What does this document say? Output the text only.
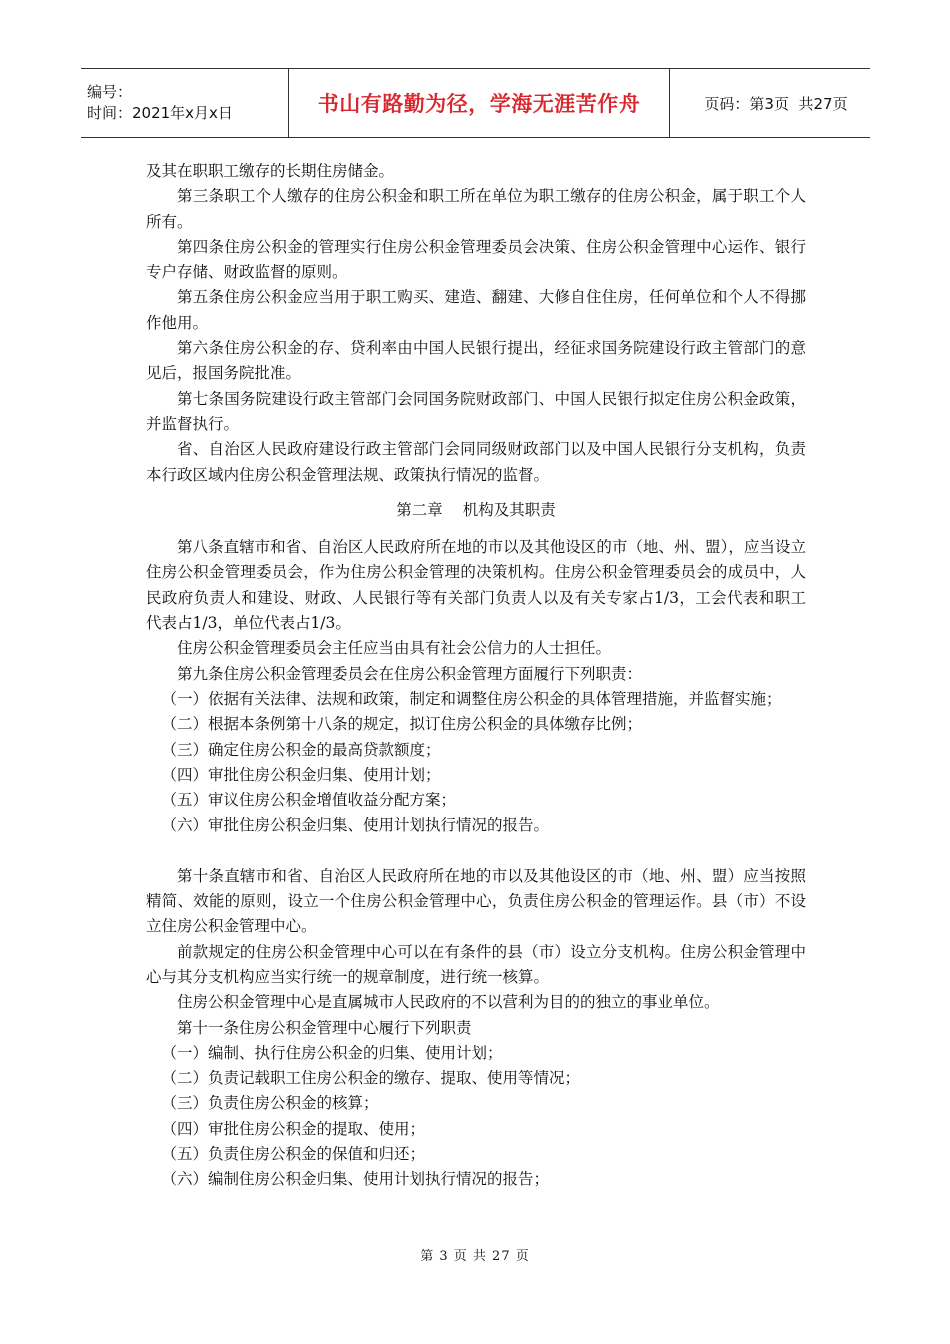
编号：
时间：2021年x月x日	书山有路勤为径，学海无涯苦作舟	页码：第3页  共27页

及其在职职工缴存的长期住房储金。

第三条职工个人缴存的住房公积金和职工所在单位为职工缴存的住房公积金，属于职工个人所有。

第四条住房公积金的管理实行住房公积金管理委员会决策、住房公积金管理中心运作、银行专户存储、财政监督的原则。

第五条住房公积金应当用于职工购买、建造、翻建、大修自住住房，任何单位和个人不得挪作他用。

第六条住房公积金的存、贷利率由中国人民银行提出，经征求国务院建设行政主管部门的意见后，报国务院批准。

第七条国务院建设行政主管部门会同国务院财政部门、中国人民银行拟定住房公积金政策，并监督执行。

省、自治区人民政府建设行政主管部门会同同级财政部门以及中国人民银行分支机构，负责本行政区域内住房公积金管理法规、政策执行情况的监督。

第二章 机构及其职责

第八条直辖市和省、自治区人民政府所在地的市以及其他设区的市（地、州、盟），应当设立住房公积金管理委员会，作为住房公积金管理的决策机构。住房公积金管理委员会的成员中，人民政府负责人和建设、财政、人民银行等有关部门负责人以及有关专家占1/3，工会代表和职工代表占1/3，单位代表占1/3。

住房公积金管理委员会主任应当由具有社会公信力的人士担任。

第九条住房公积金管理委员会在住房公积金管理方面履行下列职责：

（一）依据有关法律、法规和政策，制定和调整住房公积金的具体管理措施，并监督实施；

（二）根据本条例第十八条的规定，拟订住房公积金的具体缴存比例；

（三）确定住房公积金的最高贷款额度；

（四）审批住房公积金归集、使用计划；

（五）审议住房公积金增值收益分配方案；

（六）审批住房公积金归集、使用计划执行情况的报告。

第十条直辖市和省、自治区人民政府所在地的市以及其他设区的市（地、州、盟）应当按照精简、效能的原则，设立一个住房公积金管理中心，负责住房公积金的管理运作。县（市）不设立住房公积金管理中心。

前款规定的住房公积金管理中心可以在有条件的县（市）设立分支机构。住房公积金管理中心与其分支机构应当实行统一的规章制度，进行统一核算。

住房公积金管理中心是直属城市人民政府的不以营利为目的的独立的事业单位。

第十一条住房公积金管理中心履行下列职责

（一）编制、执行住房公积金的归集、使用计划；

（二）负责记载职工住房公积金的缴存、提取、使用等情况；

（三）负责住房公积金的核算；

（四）审批住房公积金的提取、使用；

（五）负责住房公积金的保值和归还；

（六）编制住房公积金归集、使用计划执行情况的报告；

第 3 页 共 27 页
